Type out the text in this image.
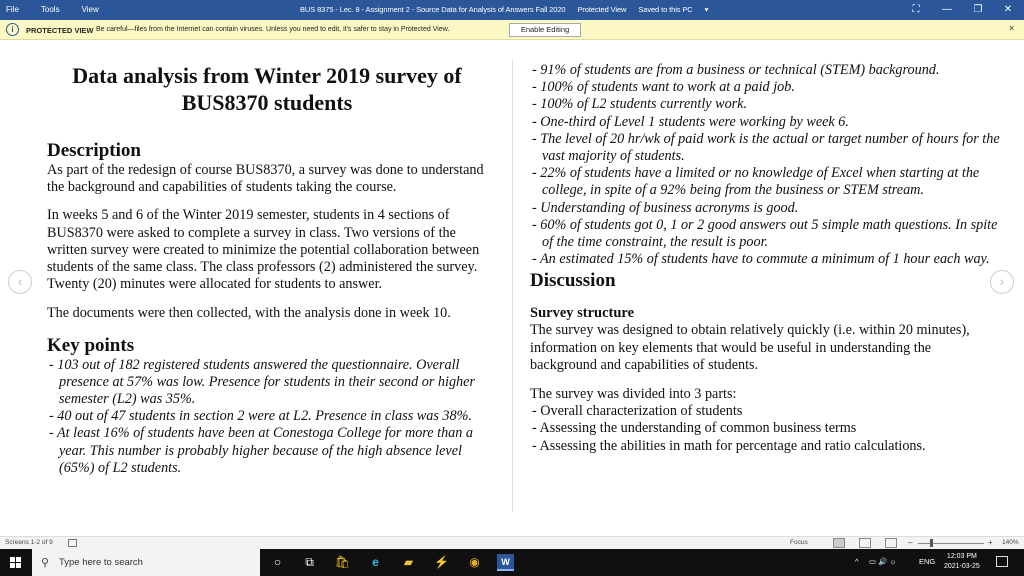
File	Tools	View	BUS 8375 - Lec. 8 - Assignment 2 - Source Data for Analysis of Answers Fall 2020 Protected View Saved to this PC ▾	⛶	—	❐	✕
i	PROTECTED VIEW Be careful—files from the Internet can contain viruses. Unless you need to edit, it's safer to stay in Protected View.	Enable Editing	×
‹	›
Data analysis from Winter 2019 survey of BUS8370 students
Description
As part of the redesign of course BUS8370, a survey was done to understand the background and capabilities of students taking the course.
In weeks 5 and 6 of the Winter 2019 semester, students in 4 sections of BUS8370 were asked to complete a survey in class. Two versions of the written survey were created to minimize the potential collaboration between students of the same class. The class professors (2) administered the survey. Twenty (20) minutes were allocated for students to answer.
The documents were then collected, with the analysis done in week 10.
Key points
- 103 out of 182 registered students answered the questionnaire. Overall presence at 57% was low. Presence for students in their second or higher semester (L2) was 35%.
- 40 out of 47 students in section 2 were at L2. Presence in class was 38%.
- At least 16% of students have been at Conestoga College for more than a year. This number is probably higher because of the high absence level (65%) of L2 students.
- 91% of students are from a business or technical (STEM) background.
- 100% of students want to work at a paid job.
- 100% of L2 students currently work.
- One-third of Level 1 students were working by week 6.
- The level of 20 hr/wk of paid work is the actual or target number of hours for the vast majority of students.
- 22% of students have a limited or no knowledge of Excel when starting at the college, in spite of a 92% being from the business or STEM stream.
- Understanding of business acronyms is good.
- 60% of students got 0, 1 or 2 good answers out 5 simple math questions. In spite of the time constraint, the result is poor.
- An estimated 15% of students have to commute a minimum of 1 hour each way.
Discussion
Survey structure
The survey was designed to obtain relatively quickly (i.e. within 20 minutes), information on key elements that would be useful in understanding the background and capabilities of students.
The survey was divided into 3 parts:
- Overall characterization of students
- Assessing the understanding of common business terms
- Assessing the abilities in math for percentage and ratio calculations.
Screens 1-2 of 9	Focus	–	+ 140%
⚲ Type here to search	○	⧉	🛍	e	▰	⚡ ◉	W	^ ▭ 🔊 ☼	ENG
12:03 PM
2021-03-25
